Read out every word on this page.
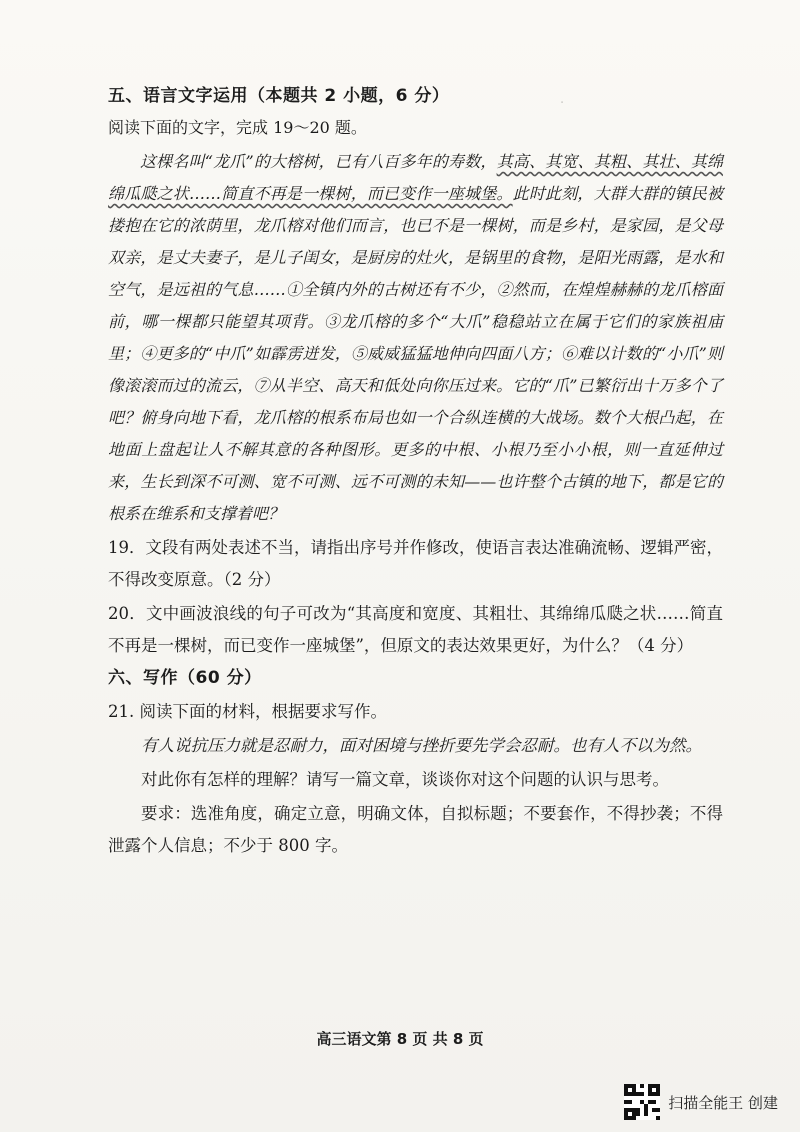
·
五、语言文字运用（本题共 2 小题，6 分）
阅读下面的文字，完成 19～20 题。
这棵名叫“龙爪”的大榕树，已有八百多年的寿数，其高、其宽、其粗、其壮、其绵绵瓜瓞之状……简直不再是一棵树，而已变作一座城堡。此时此刻，大群大群的镇民被搂抱在它的浓荫里，龙爪榕对他们而言，也已不是一棵树，而是乡村，是家园，是父母双亲，是丈夫妻子，是儿子闺女，是厨房的灶火，是锅里的食物，是阳光雨露，是水和空气，是远祖的气息……①全镇内外的古树还有不少，②然而，在煌煌赫赫的龙爪榕面前，哪一棵都只能望其项背。③龙爪榕的多个“大爪”稳稳站立在属于它们的家族祖庙里；④更多的“中爪”如霹雳迸发，⑤威威猛猛地伸向四面八方；⑥难以计数的“小爪”则像滚滚而过的流云，⑦从半空、高天和低处向你压过来。它的“爪”已繁衍出十万多个了吧？俯身向地下看，龙爪榕的根系布局也如一个合纵连横的大战场。数个大根凸起，在地面上盘起让人不解其意的各种图形。更多的中根、小根乃至小小根，则一直延伸过来，生长到深不可测、宽不可测、远不可测的未知——也许整个古镇的地下，都是它的根系在维系和支撑着吧？
19．文段有两处表述不当，请指出序号并作修改，使语言表达准确流畅、逻辑严密，不得改变原意。（2 分）
20．文中画波浪线的句子可改为“其高度和宽度、其粗壮、其绵绵瓜瓞之状……简直不再是一棵树，而已变作一座城堡”，但原文的表达效果更好，为什么？（4 分）
六、写作（60 分）
21. 阅读下面的材料，根据要求写作。
有人说抗压力就是忍耐力，面对困境与挫折要先学会忍耐。也有人不以为然。
对此你有怎样的理解？请写一篇文章，谈谈你对这个问题的认识与思考。
要求：选准角度，确定立意，明确文体，自拟标题；不要套作，不得抄袭；不得泄露个人信息；不少于 800 字。
高三语文第 8 页 共 8 页
扫描全能王 创建
